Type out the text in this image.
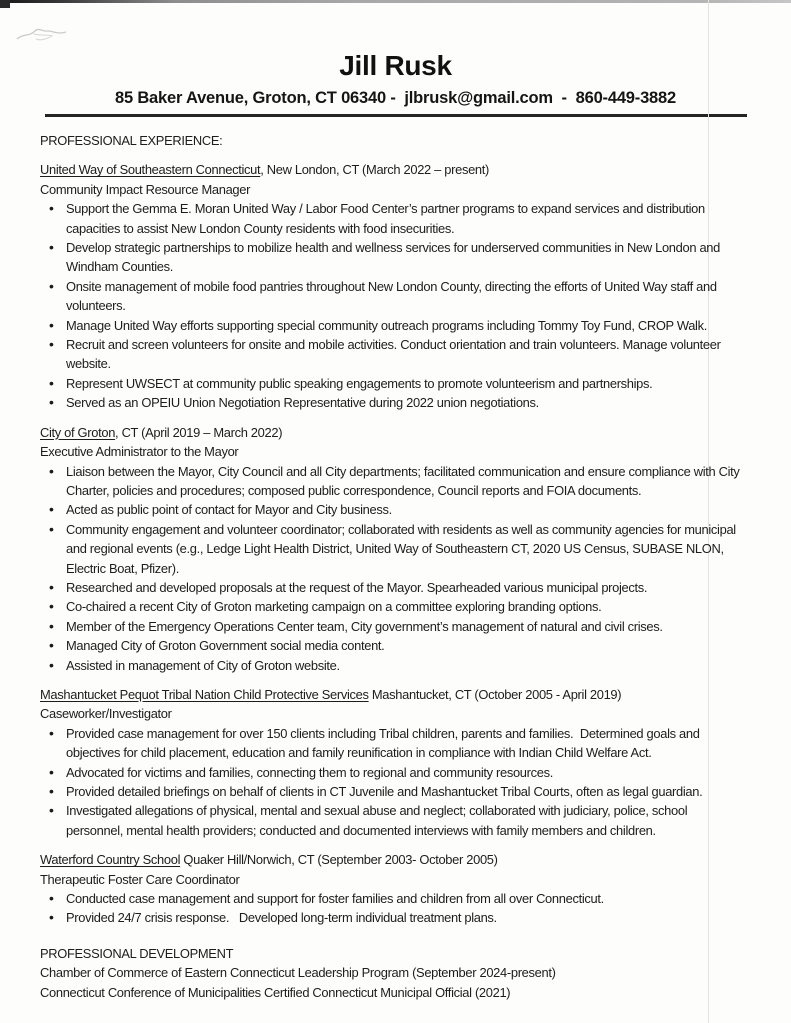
Jill Rusk
85 Baker Avenue, Groton, CT 06340 -  jlbrusk@gmail.com  -  860-449-3882
PROFESSIONAL EXPERIENCE:
United Way of Southeastern Connecticut, New London, CT (March 2022 – present)
Community Impact Resource Manager
• Support the Gemma E. Moran United Way / Labor Food Center’s partner programs to expand services and distribution capacities to assist New London County residents with food insecurities.
• Develop strategic partnerships to mobilize health and wellness services for underserved communities in New London and Windham Counties.
• Onsite management of mobile food pantries throughout New London County, directing the efforts of United Way staff and volunteers.
• Manage United Way efforts supporting special community outreach programs including Tommy Toy Fund, CROP Walk.
• Recruit and screen volunteers for onsite and mobile activities. Conduct orientation and train volunteers. Manage volunteer website.
• Represent UWSECT at community public speaking engagements to promote volunteerism and partnerships.
• Served as an OPEIU Union Negotiation Representative during 2022 union negotiations.
City of Groton, CT (April 2019 – March 2022)
Executive Administrator to the Mayor
• Liaison between the Mayor, City Council and all City departments; facilitated communication and ensure compliance with City Charter, policies and procedures; composed public correspondence, Council reports and FOIA documents.
• Acted as public point of contact for Mayor and City business.
• Community engagement and volunteer coordinator; collaborated with residents as well as community agencies for municipal and regional events (e.g., Ledge Light Health District, United Way of Southeastern CT, 2020 US Census, SUBASE NLON, Electric Boat, Pfizer).
• Researched and developed proposals at the request of the Mayor. Spearheaded various municipal projects.
• Co-chaired a recent City of Groton marketing campaign on a committee exploring branding options.
• Member of the Emergency Operations Center team, City government’s management of natural and civil crises.
• Managed City of Groton Government social media content.
• Assisted in management of City of Groton website.
Mashantucket Pequot Tribal Nation Child Protective Services Mashantucket, CT (October 2005 - April 2019)
Caseworker/Investigator
• Provided case management for over 150 clients including Tribal children, parents and families.  Determined goals and objectives for child placement, education and family reunification in compliance with Indian Child Welfare Act.
• Advocated for victims and families, connecting them to regional and community resources.
• Provided detailed briefings on behalf of clients in CT Juvenile and Mashantucket Tribal Courts, often as legal guardian.
• Investigated allegations of physical, mental and sexual abuse and neglect; collaborated with judiciary, police, school personnel, mental health providers; conducted and documented interviews with family members and children.
Waterford Country School Quaker Hill/Norwich, CT (September 2003- October 2005)
Therapeutic Foster Care Coordinator
• Conducted case management and support for foster families and children from all over Connecticut.
• Provided 24/7 crisis response.   Developed long-term individual treatment plans.
PROFESSIONAL DEVELOPMENT
Chamber of Commerce of Eastern Connecticut Leadership Program (September 2024-present)
Connecticut Conference of Municipalities Certified Connecticut Municipal Official (2021)
